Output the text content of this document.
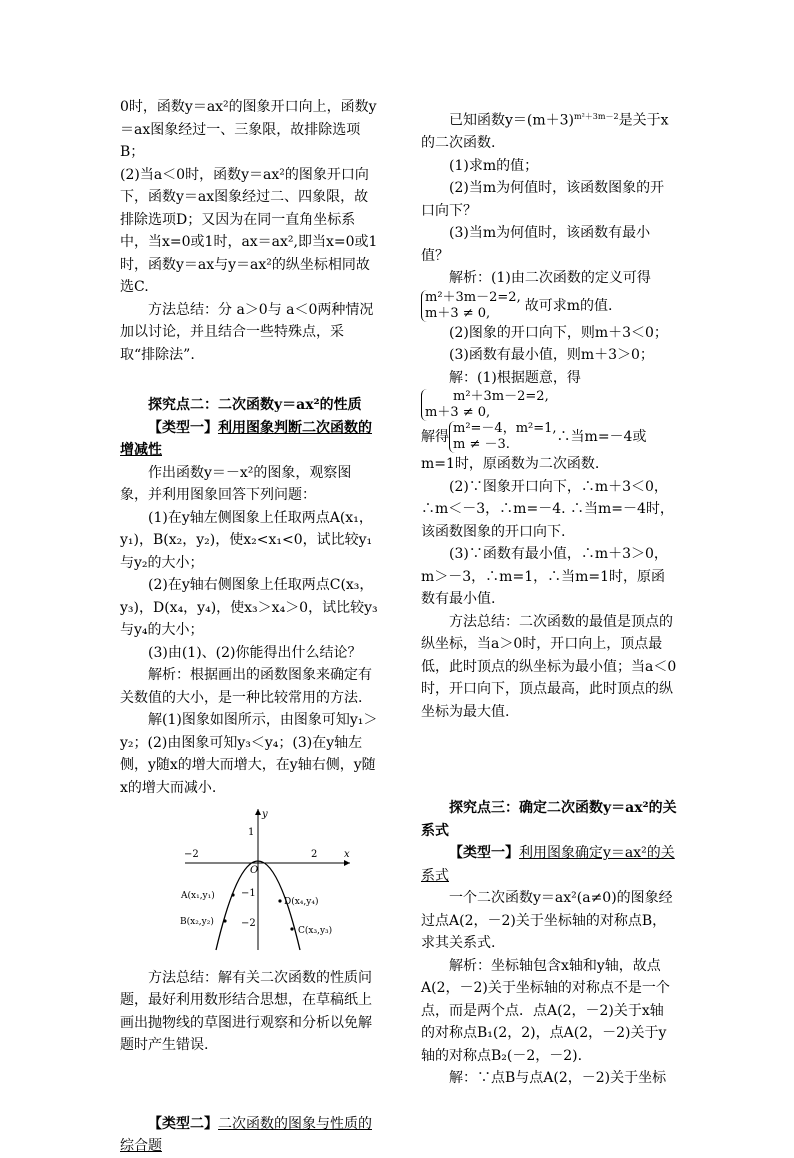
0时，函数y＝ax²的图象开口向上，函数y＝ax图象经过一、三象限，故排除选项B；

(2)当a＜0时，函数y＝ax²的图象开口向下，函数y＝ax图象经过二、四象限，故排除选项D；又因为在同一直角坐标系中，当x=0或1时，ax＝ax²,即当x=0或1时，函数y＝ax与y＝ax²的纵坐标相同故选C.

方法总结：分 a＞0与 a＜0两种情况加以讨论，并且结合一些特殊点，采取“排除法”.

探究点二：二次函数y＝ax²的性质

【类型一】利用图象判断二次函数的增减性

作出函数y＝－x²的图象，观察图象，并利用图象回答下列问题：

(1)在y轴左侧图象上任取两点A(x₁，y₁)，B(x₂，y₂)，使x₂<x₁<0，试比较y₁与y₂的大小；

(2)在y轴右侧图象上任取两点C(x₃，y₃)，D(x₄，y₄)，使x₃＞x₄＞0，试比较y₃与y₄的大小；

(3)由(1)、(2)你能得出什么结论？

解析：根据画出的函数图象来确定有关数值的大小，是一种比较常用的方法.

解(1)图象如图所示，由图象可知y₁＞y₂；(2)由图象可知y₃＜y₄；(3)在y轴左侧，y随x的增大而增大，在y轴右侧，y随x的增大而减小.

x
y
O
−2	2
1
−1
−2
A(x₁,y₁)
B(x₂,y₂)
D(x₄,y₄)
C(x₃,y₃)

方法总结：解有关二次函数的性质问题，最好利用数形结合思想，在草稿纸上画出抛物线的草图进行观察和分析以免解题时产生错误.

【类型二】二次函数的图象与性质的综合题

已知函数$y=(m+3)^{m^2+3m-2}$是关于x的二次函数.

(1)求m的值；

(2)当m为何值时，该函数图象的开口向下？

(3)当m为何值时，该函数有最小值？

解析：(1)由二次函数的定义可得

m²＋3m－2=2,
m＋3 ≠ 0, 故可求m的值.

(2)图象的开口向下，则m＋3＜0；

(3)函数有最小值，则m＋3＞0；

解：(1)根据题意，得m²＋3m－2=2,
m＋3 ≠ 0,

解得m²=－4，m²=1,
m ≠ －3.	∴当m=－4或m=1时，原函数为二次函数.

(2)∵图象开口向下，∴m＋3＜0，∴m＜－3，∴m=－4. ∴当m=－4时，该函数图象的开口向下.

(3)∵函数有最小值，∴m＋3＞0，m＞－3，∴m=1，∴当m=1时，原函数有最小值.

方法总结：二次函数的最值是顶点的纵坐标，当a＞0时，开口向上，顶点最低，此时顶点的纵坐标为最小值；当a＜0时，开口向下，顶点最高，此时顶点的纵坐标为最大值.

探究点三：确定二次函数y＝ax²的关系式

【类型一】利用图象确定y＝ax²的关系式

一个二次函数y＝ax²(a≠0)的图象经过点A(2，－2)关于坐标轴的对称点B，求其关系式.

解析：坐标轴包含x轴和y轴，故点A(2，－2)关于坐标轴的对称点不是一个点，而是两个点．点A(2，－2)关于x轴的对称点B₁(2，2)，点A(2，－2)关于y轴的对称点B₂(－2，－2).

解：∵点B与点A(2，－2)关于坐标
